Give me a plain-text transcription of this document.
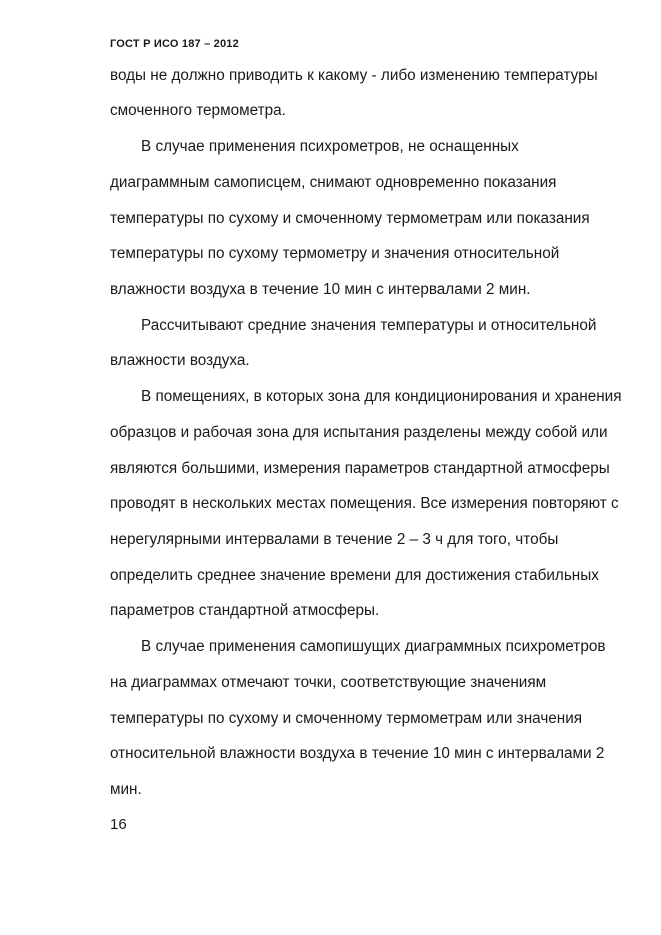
ГОСТ Р ИСО 187 – 2012
воды не должно приводить к какому - либо изменению температуры
смоченного термометра.
В случае применения психрометров, не оснащенных
диаграммным самописцем, снимают одновременно показания
температуры по сухому и смоченному термометрам или показания
температуры по сухому термометру и значения относительной
влажности воздуха в течение 10 мин с интервалами 2 мин.
Рассчитывают средние значения температуры и относительной
влажности воздуха.
В помещениях, в которых зона для кондиционирования и хранения
образцов и рабочая зона для испытания разделены между собой или
являются большими, измерения параметров стандартной атмосферы
проводят в нескольких местах помещения. Все измерения повторяют с
нерегулярными интервалами в течение 2 – 3 ч для того, чтобы
определить среднее значение времени для достижения стабильных
параметров стандартной атмосферы.
В случае применения самопишущих диаграммных психрометров
на диаграммах отмечают точки, соответствующие значениям
температуры по сухому и смоченному термометрам или значения
относительной влажности воздуха в течение 10 мин с интервалами 2
мин.
16
